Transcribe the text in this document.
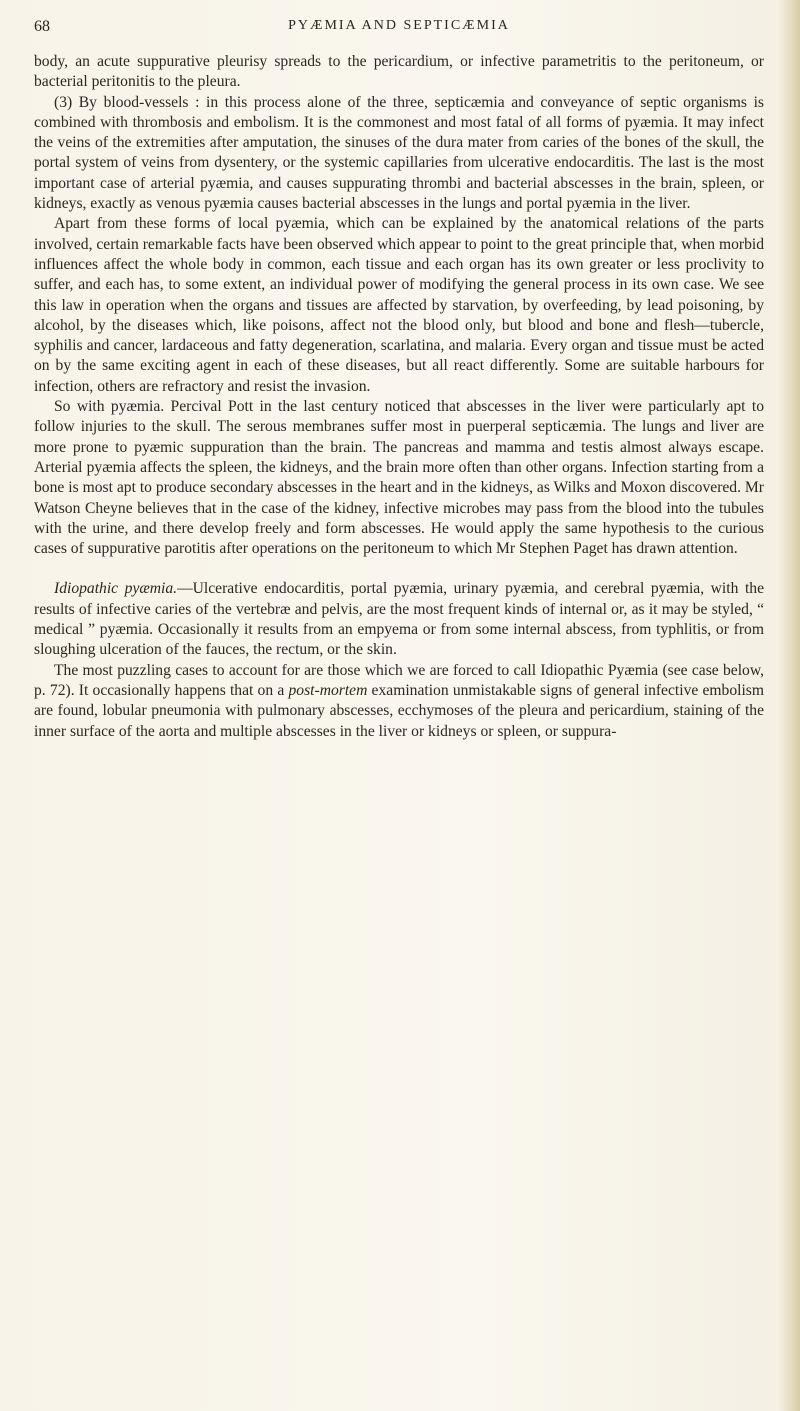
68	PYÆMIA AND SEPTICÆMIA

body, an acute suppurative pleurisy spreads to the pericardium, or infective parametritis to the peritoneum, or bacterial peritonitis to the pleura.

(3) By blood-vessels : in this process alone of the three, septicæmia and conveyance of septic organisms is combined with thrombosis and embolism. It is the commonest and most fatal of all forms of pyæmia. It may infect the veins of the extremities after amputation, the sinuses of the dura mater from caries of the bones of the skull, the portal system of veins from dysentery, or the systemic capillaries from ulcerative endocarditis. The last is the most important case of arterial pyæmia, and causes suppurating thrombi and bacterial abscesses in the brain, spleen, or kidneys, exactly as venous pyæmia causes bacterial abscesses in the lungs and portal pyæmia in the liver.

Apart from these forms of local pyæmia, which can be explained by the anatomical relations of the parts involved, certain remarkable facts have been observed which appear to point to the great principle that, when morbid influences affect the whole body in common, each tissue and each organ has its own greater or less proclivity to suffer, and each has, to some extent, an individual power of modifying the general process in its own case. We see this law in operation when the organs and tissues are affected by starvation, by overfeeding, by lead poisoning, by alcohol, by the diseases which, like poisons, affect not the blood only, but blood and bone and flesh—tubercle, syphilis and cancer, lardaceous and fatty degeneration, scarlatina, and malaria. Every organ and tissue must be acted on by the same exciting agent in each of these diseases, but all react differently. Some are suitable harbours for infection, others are refractory and resist the invasion.

So with pyæmia. Percival Pott in the last century noticed that abscesses in the liver were particularly apt to follow injuries to the skull. The serous membranes suffer most in puerperal septicæmia. The lungs and liver are more prone to pyæmic suppuration than the brain. The pancreas and mamma and testis almost always escape. Arterial pyæmia affects the spleen, the kidneys, and the brain more often than other organs. Infection starting from a bone is most apt to produce secondary abscesses in the heart and in the kidneys, as Wilks and Moxon discovered. Mr Watson Cheyne believes that in the case of the kidney, infective microbes may pass from the blood into the tubules with the urine, and there develop freely and form abscesses. He would apply the same hypothesis to the curious cases of suppurative parotitis after operations on the peritoneum to which Mr Stephen Paget has drawn attention.

Idiopathic pyæmia.—Ulcerative endocarditis, portal pyæmia, urinary pyæmia, and cerebral pyæmia, with the results of infective caries of the vertebræ and pelvis, are the most frequent kinds of internal or, as it may be styled, “ medical ” pyæmia. Occasionally it results from an empyema or from some internal abscess, from typhlitis, or from sloughing ulceration of the fauces, the rectum, or the skin.

The most puzzling cases to account for are those which we are forced to call Idiopathic Pyæmia (see case below, p. 72). It occasionally happens that on a post-mortem examination unmistakable signs of general infective embolism are found, lobular pneumonia with pulmonary abscesses, ecchymoses of the pleura and pericardium, staining of the inner surface of the aorta and multiple abscesses in the liver or kidneys or spleen, or suppura-
